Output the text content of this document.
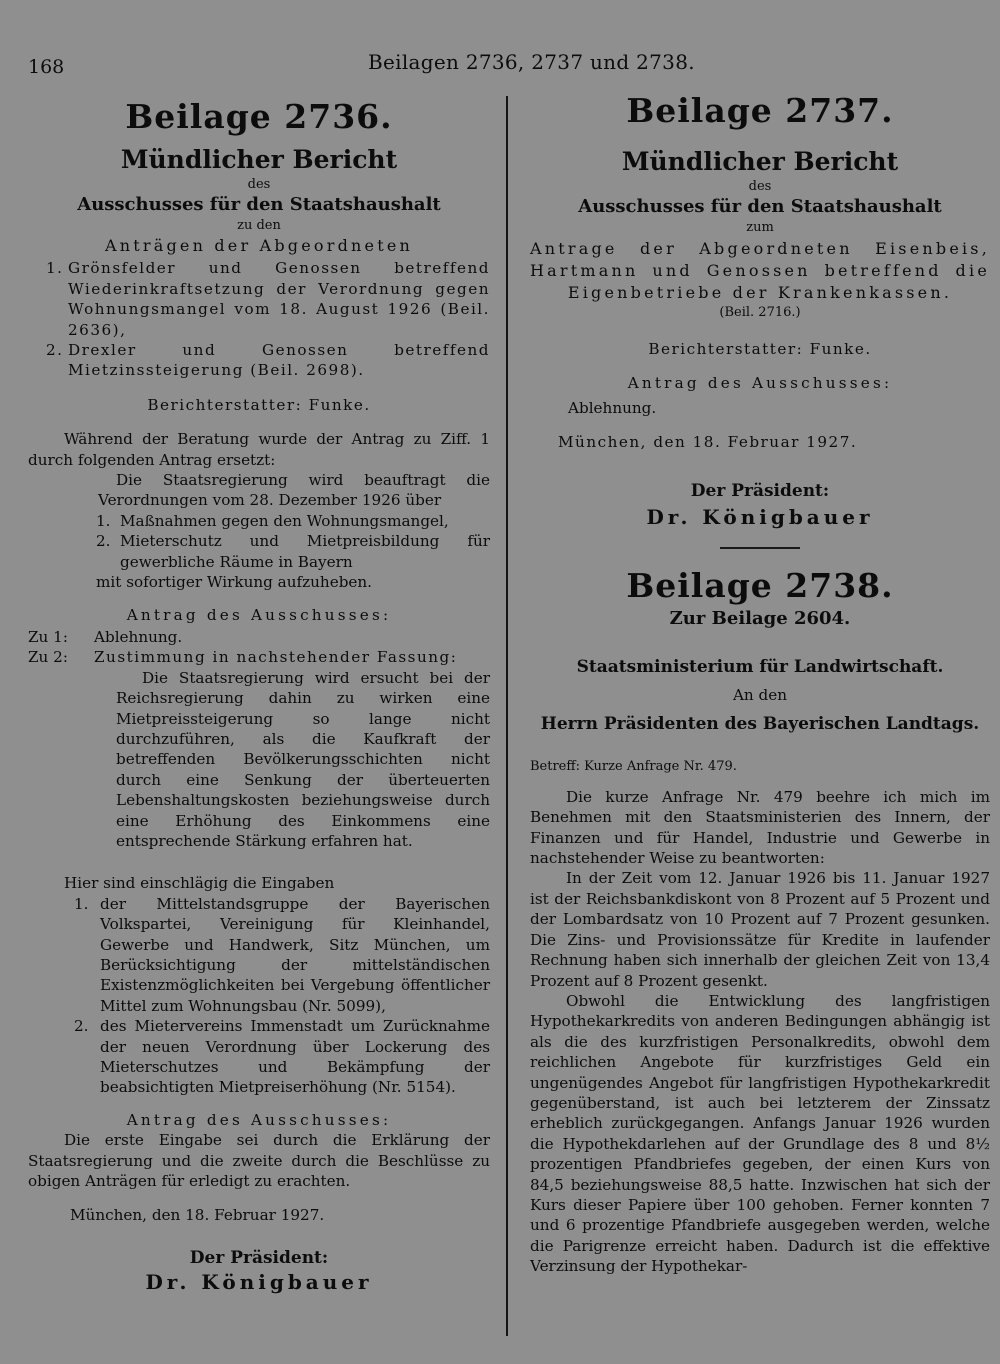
168	Beilagen 2736, 2737 und 2738.

Beilage 2736.

Mündlicher Bericht

des

Ausschusses für den Staatshaushalt

zu den

Anträgen der Abgeordneten

1. Grönsfelder und Genossen betreffend Wiederinkraftsetzung der Verordnung gegen Wohnungsmangel vom 18. August 1926 (Beil. 2636),

2. Drexler und Genossen betreffend Mietzinssteigerung (Beil. 2698).

Berichterstatter: Funke.

Während der Beratung wurde der Antrag zu Ziff. 1 durch folgenden Antrag ersetzt:

Die Staatsregierung wird beauftragt die Verordnungen vom 28. Dezember 1926 über

1. Maßnahmen gegen den Wohnungsmangel,

2. Mieterschutz und Mietpreisbildung für gewerbliche Räume in Bayern

mit sofortiger Wirkung aufzuheben.

Antrag des Ausschusses:

Zu 1: Ablehnung.

Zu 2: Zustimmung in nachstehender Fassung:

Die Staatsregierung wird ersucht bei der Reichsregierung dahin zu wirken eine Mietpreissteigerung so lange nicht durchzuführen, als die Kaufkraft der betreffenden Bevölkerungsschichten nicht durch eine Senkung der überteuerten Lebenshaltungskosten beziehungsweise durch eine Erhöhung des Einkommens eine entsprechende Stärkung erfahren hat.

Hier sind einschlägig die Eingaben

1. der Mittelstandsgruppe der Bayerischen Volkspartei, Vereinigung für Kleinhandel, Gewerbe und Handwerk, Sitz München, um Berücksichtigung der mittelständischen Existenzmöglichkeiten bei Vergebung öffentlicher Mittel zum Wohnungsbau (Nr. 5099),

2. des Mietervereins Immenstadt um Zurücknahme der neuen Verordnung über Lockerung des Mieterschutzes und Bekämpfung der beabsichtigten Mietpreiserhöhung (Nr. 5154).

Antrag des Ausschusses:

Die erste Eingabe sei durch die Erklärung der Staatsregierung und die zweite durch die Beschlüsse zu obigen Anträgen für erledigt zu erachten.

München, den 18. Februar 1927.

Der Präsident:

Dr. Königbauer

Beilage 2737.

Mündlicher Bericht

des

Ausschusses für den Staatshaushalt

zum

Antrage der Abgeordneten Eisenbeis, Hartmann und Genossen betreffend die Eigenbetriebe der Krankenkassen.

(Beil. 2716.)

Berichterstatter: Funke.

Antrag des Ausschusses:

Ablehnung.

München, den 18. Februar 1927.

Der Präsident:

Dr. Königbauer

Beilage 2738.

Zur Beilage 2604.

Staatsministerium für Landwirtschaft.

An den

Herrn Präsidenten des Bayerischen Landtags.

Betreff: Kurze Anfrage Nr. 479.

Die kurze Anfrage Nr. 479 beehre ich mich im Benehmen mit den Staatsministerien des Innern, der Finanzen und für Handel, Industrie und Gewerbe in nachstehender Weise zu beantworten:

In der Zeit vom 12. Januar 1926 bis 11. Januar 1927 ist der Reichsbankdiskont von 8 Prozent auf 5 Prozent und der Lombardsatz von 10 Prozent auf 7 Prozent gesunken. Die Zins- und Provisionssätze für Kredite in laufender Rechnung haben sich innerhalb der gleichen Zeit von 13,4 Prozent auf 8 Prozent gesenkt.

Obwohl die Entwicklung des langfristigen Hypothekarkredits von anderen Bedingungen abhängig ist als die des kurzfristigen Personalkredits, obwohl dem reichlichen Angebote für kurzfristiges Geld ein ungenügendes Angebot für langfristigen Hypothekarkredit gegenüberstand, ist auch bei letzterem der Zinssatz erheblich zurückgegangen. Anfangs Januar 1926 wurden die Hypothekdarlehen auf der Grundlage des 8 und 8½ prozentigen Pfandbriefes gegeben, der einen Kurs von 84,5 beziehungsweise 88,5 hatte. Inzwischen hat sich der Kurs dieser Papiere über 100 gehoben. Ferner konnten 7 und 6 prozentige Pfandbriefe ausgegeben werden, welche die Parigrenze erreicht haben. Dadurch ist die effektive Verzinsung der Hypothekar-
